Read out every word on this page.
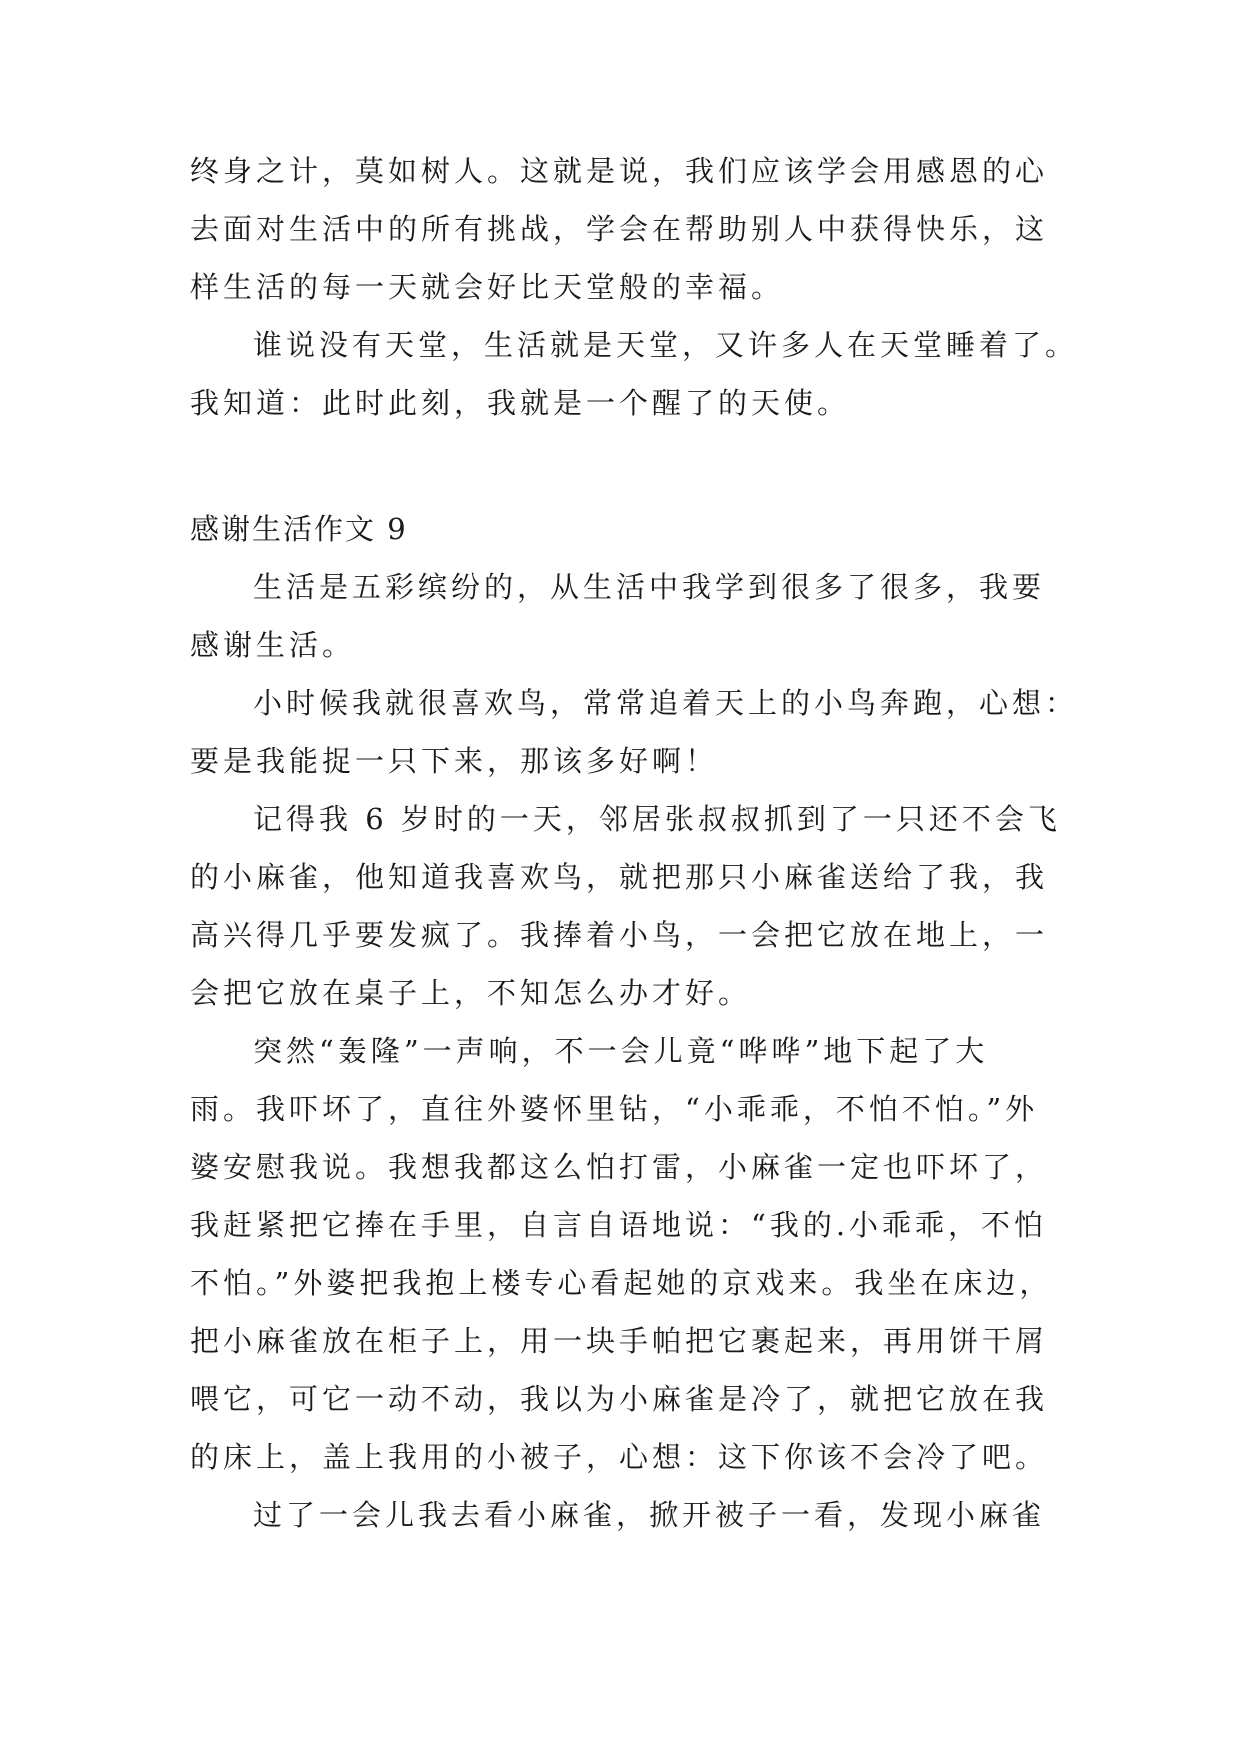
终身之计，莫如树人。这就是说，我们应该学会用感恩的心
去面对生活中的所有挑战，学会在帮助别人中获得快乐，这
样生活的每一天就会好比天堂般的幸福。
谁说没有天堂，生活就是天堂，又许多人在天堂睡着了。
我知道：此时此刻，我就是一个醒了的天使。
感谢生活作文 9
生活是五彩缤纷的，从生活中我学到很多了很多，我要
感谢生活。
小时候我就很喜欢鸟，常常追着天上的小鸟奔跑，心想：
要是我能捉一只下来，那该多好啊！
记得我 6 岁时的一天，邻居张叔叔抓到了一只还不会飞
的小麻雀，他知道我喜欢鸟，就把那只小麻雀送给了我，我
高兴得几乎要发疯了。我捧着小鸟，一会把它放在地上，一
会把它放在桌子上，不知怎么办才好。
突然“轰隆”一声响，不一会儿竟“哗哗”地下起了大
雨。我吓坏了，直往外婆怀里钻，“小乖乖，不怕不怕。”外
婆安慰我说。我想我都这么怕打雷，小麻雀一定也吓坏了，
我赶紧把它捧在手里，自言自语地说：“我的.小乖乖，不怕
不怕。”外婆把我抱上楼专心看起她的京戏来。我坐在床边，
把小麻雀放在柜子上，用一块手帕把它裹起来，再用饼干屑
喂它，可它一动不动，我以为小麻雀是冷了，就把它放在我
的床上，盖上我用的小被子，心想：这下你该不会冷了吧。
过了一会儿我去看小麻雀，掀开被子一看，发现小麻雀
